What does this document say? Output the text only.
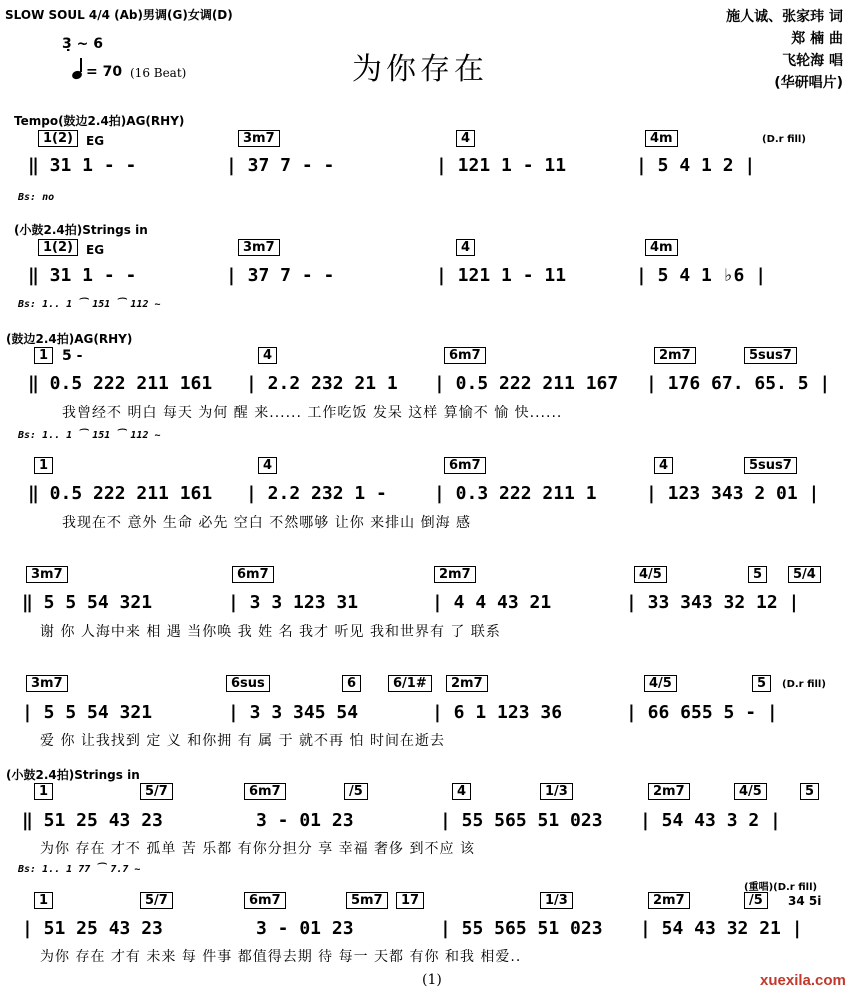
SLOW SOUL 4/4 (Ab)男调(G)女调(D)
3̣ ~ 6
= 70 (16 Beat)	为你存在
施人诚、张家玮 词
郑 楠 曲
飞轮海 唱
(华研唱片)
Tempo(鼓边2.4拍)AG(RHY)
1(2)	EG	3m7	4	4m	(D.r fill)
‖ 31 1 - -	| 37 7 - -	| 121 1 - 11	| 5 4 1 2 |
Bs: no
(小鼓2.4拍)Strings in
1(2)	EG	3m7	4	4m
‖ 31 1 - -	| 37 7 - -	| 121 1 - 11	| 5 4 1 ♭6 |
Bs: 1.. 1 ⁀ 151 ⁀ 112 ~
(鼓边2.4拍)AG(RHY)
1 5 -	4	6m7	2m7	5sus7
‖ 0.5 222 211 161 | 2.2 232 21 1 | 0.5 222 211 167 | 176 67. 65. 5 |
我曾经不 明白 每天 为何 醒 来...... 工作吃饭 发呆 这样 算愉不 愉 快......
Bs: 1.. 1 ⁀ 151 ⁀ 112 ~
1	4	6m7	4	5sus7
‖ 0.5 222 211 161 | 2.2 232 1 -	| 0.3 222 211 1	| 123 343 2 01 |
我现在不 意外 生命 必先 空白 不然哪够 让你 来排山 倒海 感
3m7	6m7	2m7	4/5	5	5/4
‖ 5 5 54 321	| 3 3 123 31	| 4 4 43 21	| 33 343 32 12 |
谢 你 人海中来 相 遇 当你唤 我 姓 名 我才 听见 我和世界有 了 联系
3m7	6sus	6	6/1#	2m7	4/5	5	(D.r fill)
| 5 5 54 321	| 3 3 345 54	| 6 1 123 36	| 66 655 5 - |
爱 你 让我找到 定 义 和你拥 有 属 于 就不再 怕 时间在逝去
(小鼓2.4拍)Strings in
1	5/7	6m7	/5	4	1/3	2m7	4/5	5
‖ 51 25 43 23	3 - 01 23	| 55 565 51 023 | 54 43 3 2 |
为你 存在 才不 孤单 苦 乐都 有你分担分 享 幸福 奢侈 到不应 该
Bs: 1.. 1 77 ⁀ 7.7 ~
(重唱)(D.r fill)
1	5/7	6m7	5m7	17	1/3	2m7	/5	34 5i
| 51 25 43 23	3 - 01 23	| 55 565 51 023 | 54 43 32 21 |
为你 存在 才有 未来 每 件事 都值得去期 待 每一 天都 有你 和我 相爱..
(1)	xuexila.com
